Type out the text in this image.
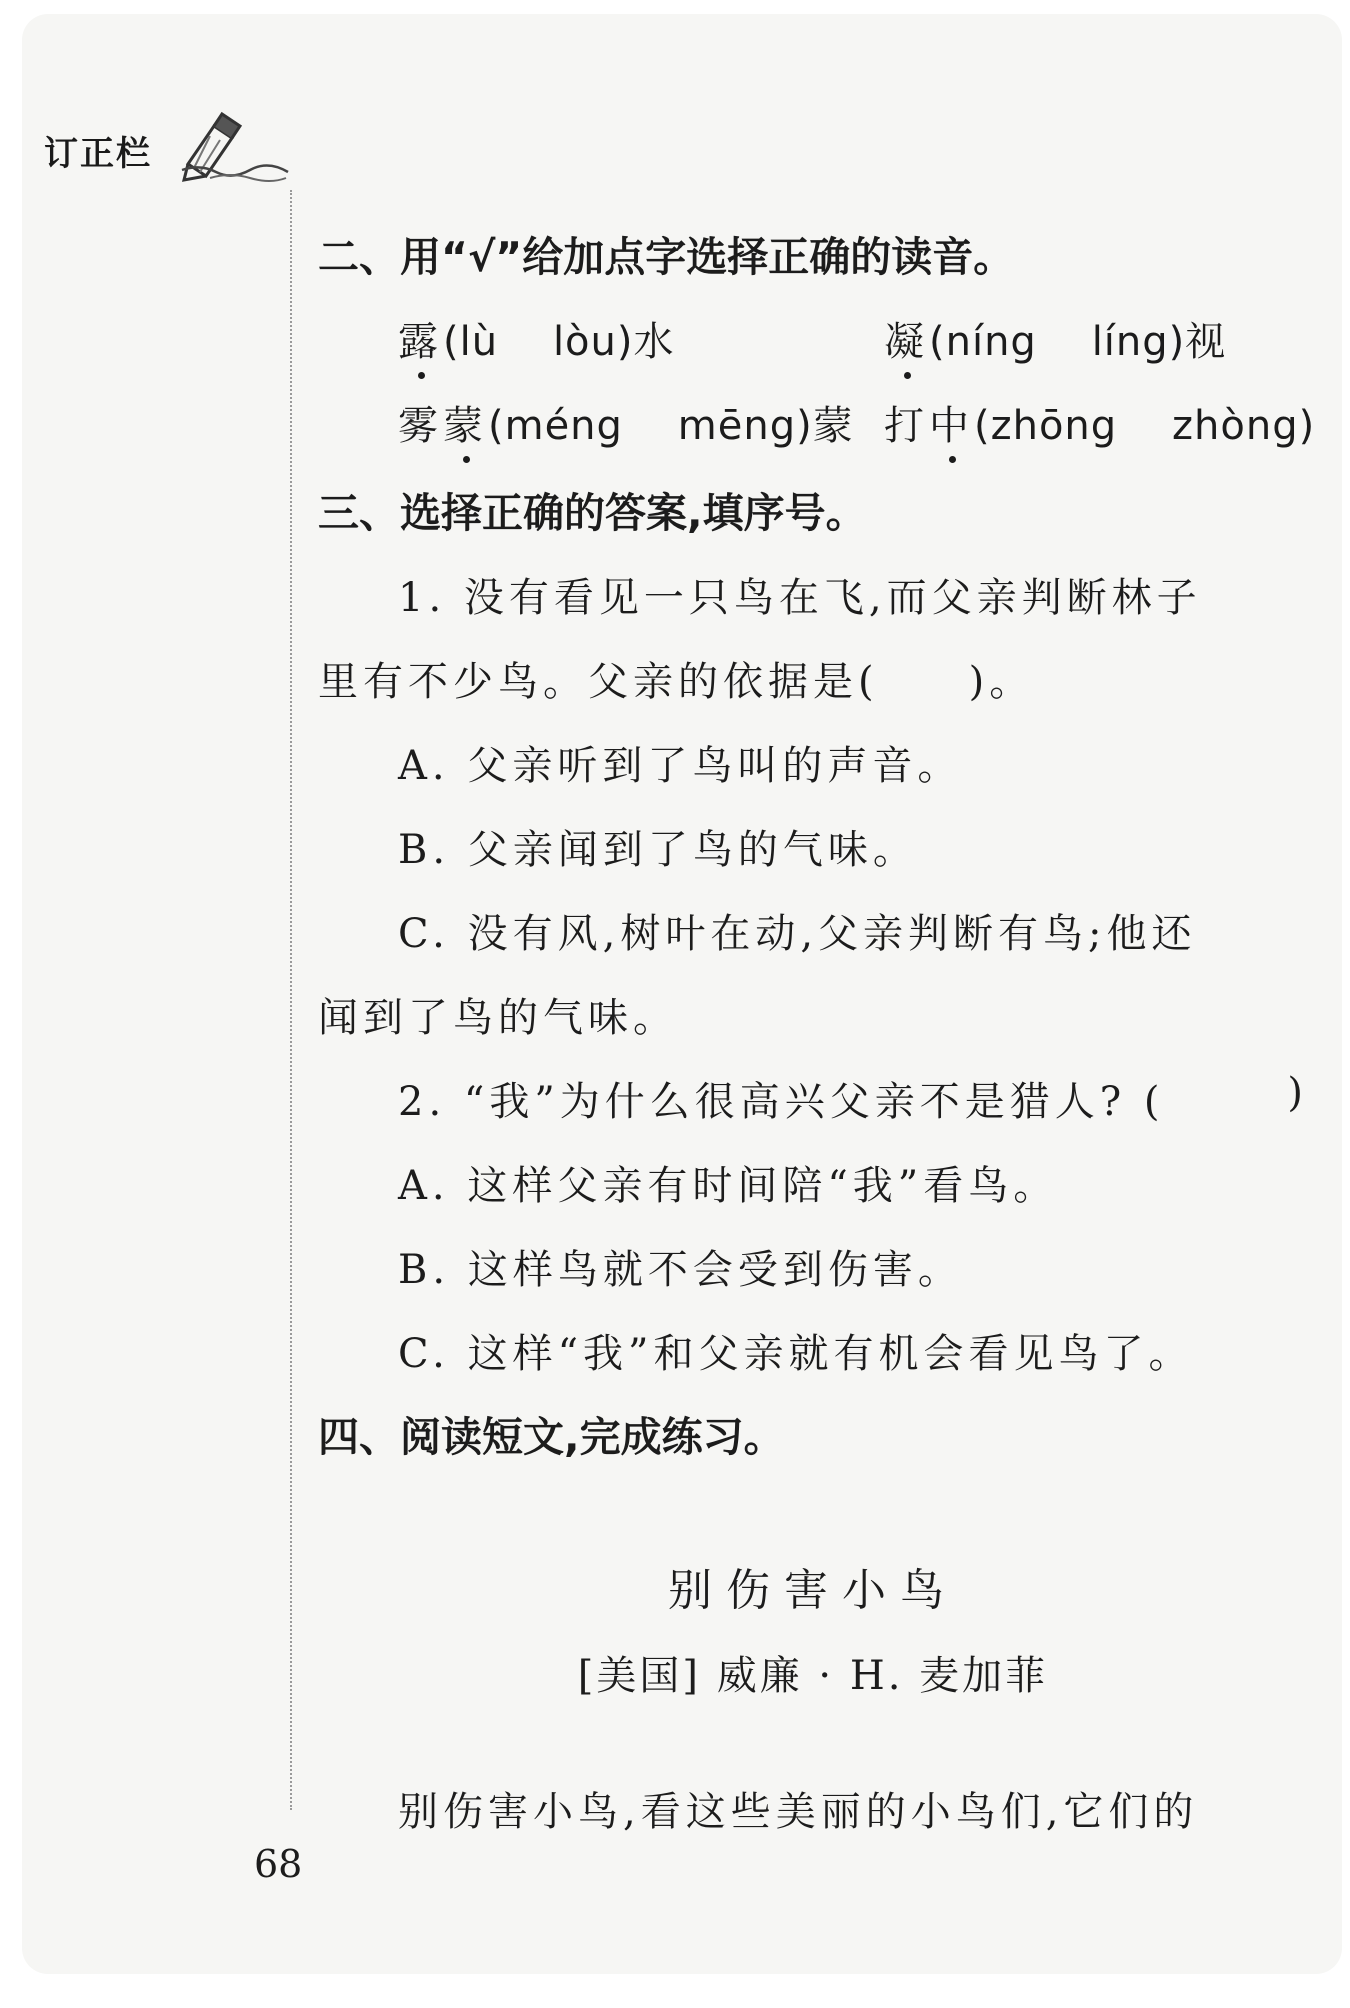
订正栏
二、用“√”给加点字选择正确的读音。
露(lù lòu)水	凝(níng líng)视
雾蒙(méng mēng)蒙 打中(zhōng zhòng)
三、选择正确的答案,填序号。
1. 没有看见一只鸟在飞,而父亲判断林子
里有不少鸟。父亲的依据是(　　)。
A. 父亲听到了鸟叫的声音。
B. 父亲闻到了鸟的气味。
C. 没有风,树叶在动,父亲判断有鸟;他还
闻到了鸟的气味。
2. “我”为什么很高兴父亲不是猎人? (	)
A. 这样父亲有时间陪“我”看鸟。
B. 这样鸟就不会受到伤害。
C. 这样“我”和父亲就有机会看见鸟了。
四、阅读短文,完成练习。
别伤害小鸟
[美国] 威廉 · H. 麦加菲
别伤害小鸟,看这些美丽的小鸟们,它们的
68
